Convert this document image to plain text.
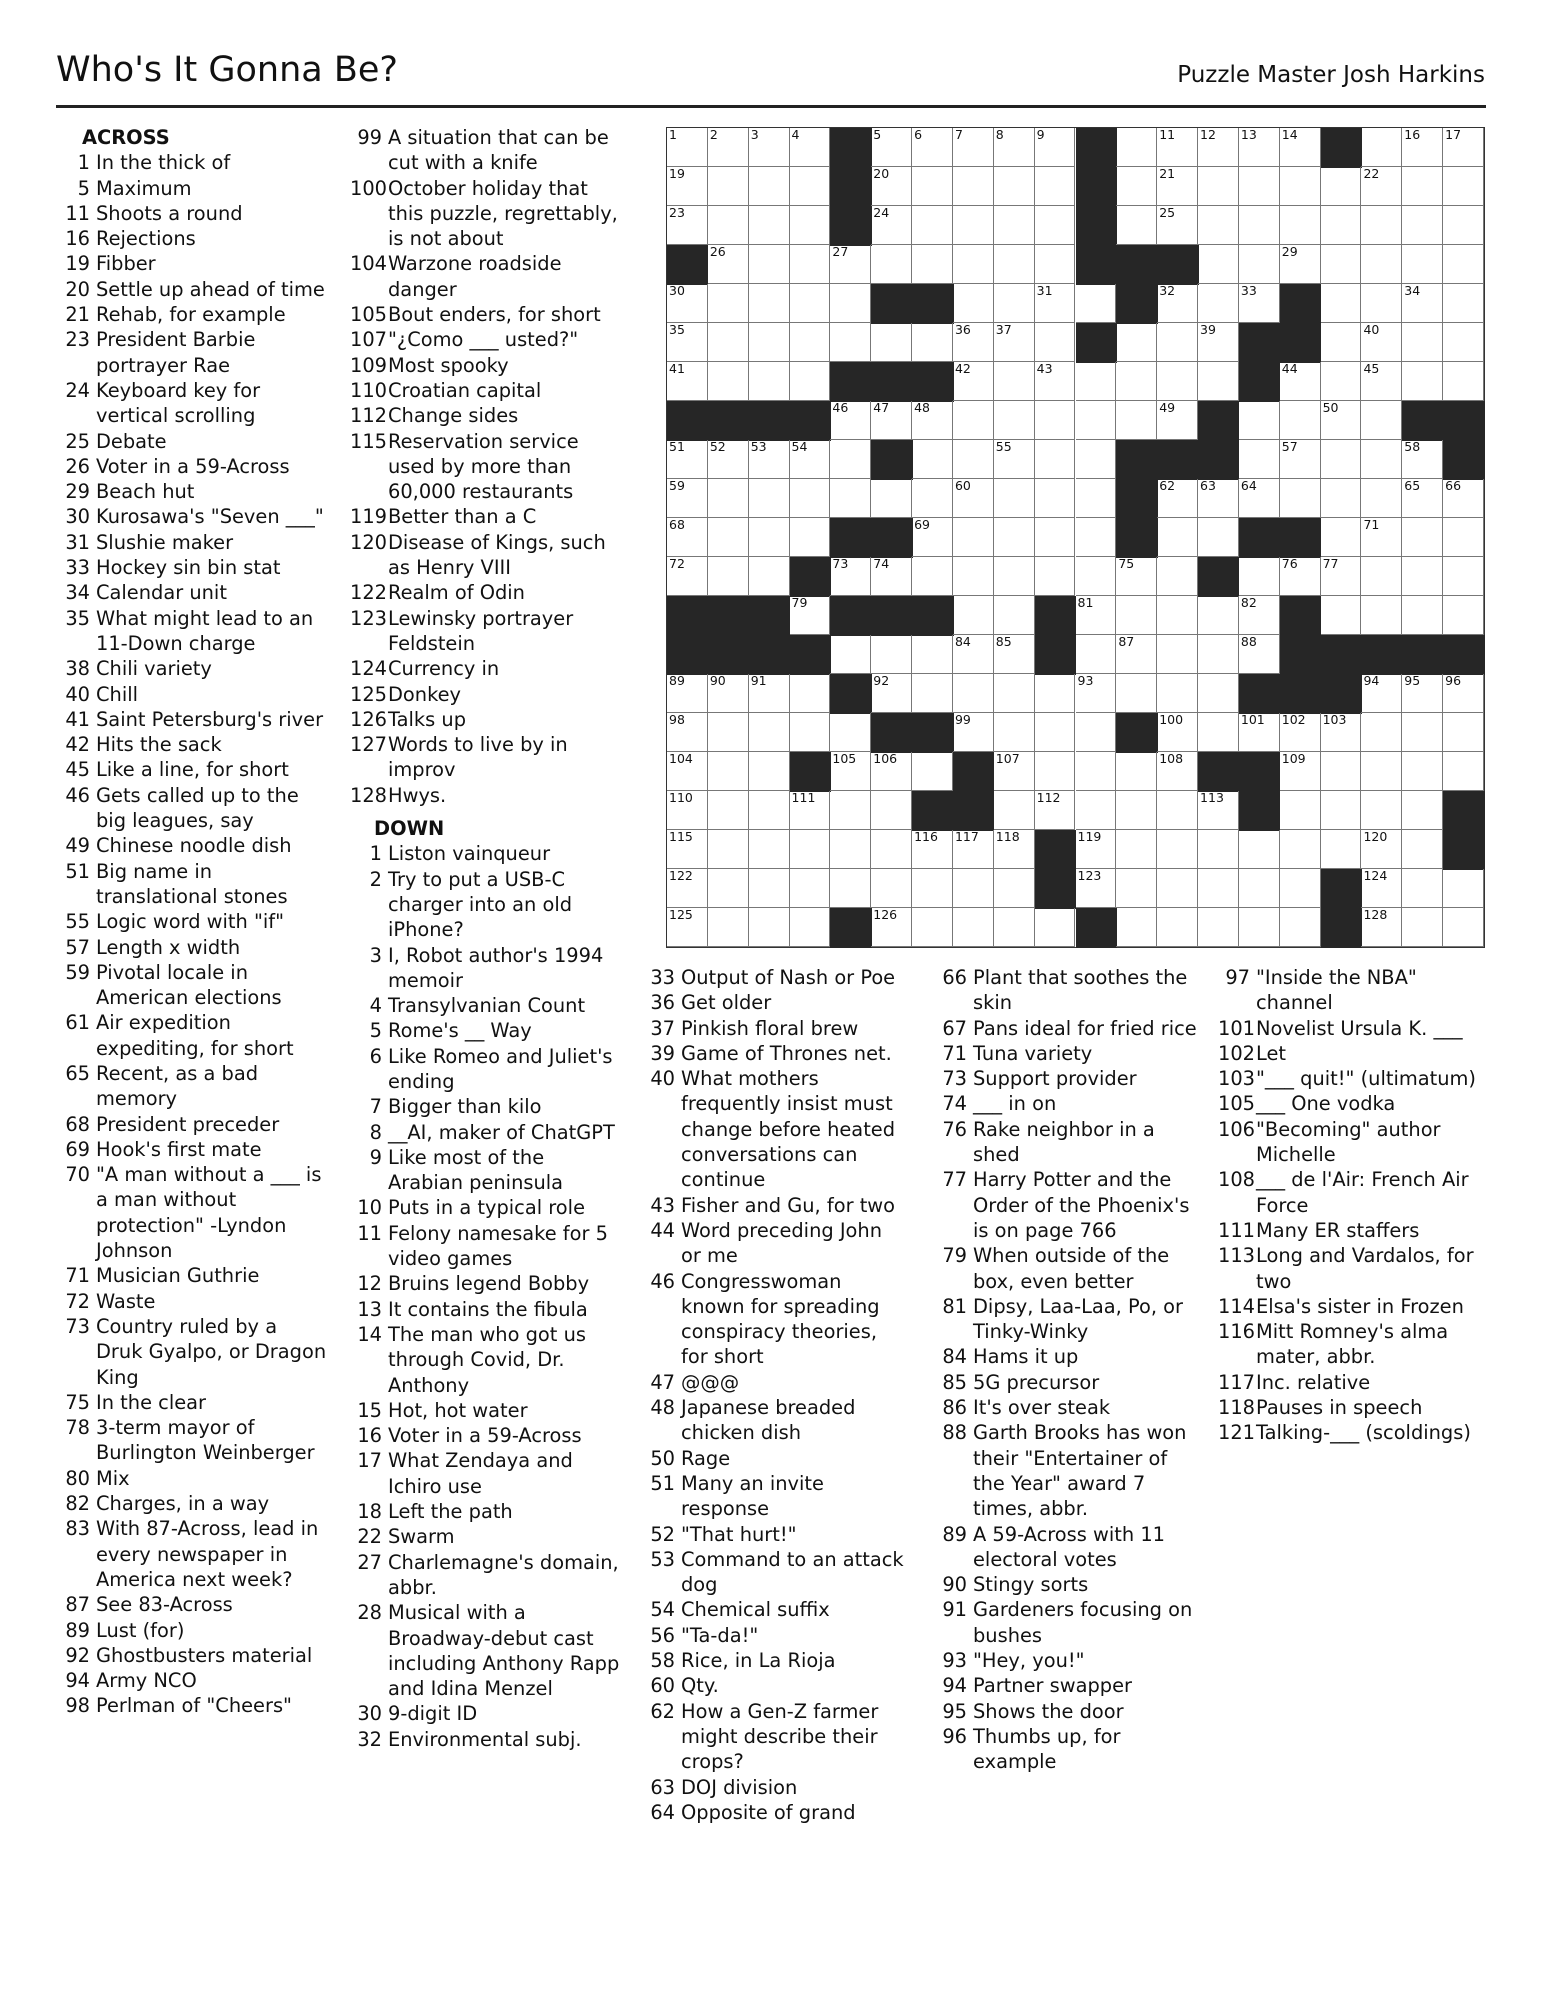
Who's It Gonna Be?	Puzzle Master Josh Harkins
ACROSS
1 In the thick of
5 Maximum
11 Shoots a round
16 Rejections
19 Fibber
20 Settle up ahead of time
21 Rehab, for example
23 President Barbie portrayer Rae
24 Keyboard key for vertical scrolling
25 Debate
26 Voter in a 59-Across
29 Beach hut
30 Kurosawa's "Seven ___"
31 Slushie maker
33 Hockey sin bin stat
34 Calendar unit
35 What might lead to an 11-Down charge
38 Chili variety
40 Chill
41 Saint Petersburg's river
42 Hits the sack
45 Like a line, for short
46 Gets called up to the big leagues, say
49 Chinese noodle dish
51 Big name in translational stones
55 Logic word with "if"
57 Length x width
59 Pivotal locale in American elections
61 Air expedition expediting, for short
65 Recent, as a bad memory
68 President preceder
69 Hook's first mate
70 "A man without a ___ is a man without protection" -Lyndon Johnson
71 Musician Guthrie
72 Waste
73 Country ruled by a Druk Gyalpo, or Dragon King
75 In the clear
78 3-term mayor of Burlington Weinberger
80 Mix
82 Charges, in a way
83 With 87-Across, lead in every newspaper in America next week?
87 See 83-Across
89 Lust (for)
92 Ghostbusters material
94 Army NCO
98 Perlman of "Cheers"
99 A situation that can be cut with a knife
100 October holiday that this puzzle, regrettably, is not about
104 Warzone roadside danger
105 Bout enders, for short
107 "¿Como ___ usted?"
109 Most spooky
110 Croatian capital
112 Change sides
115 Reservation service used by more than 60,000 restaurants
119 Better than a C
120 Disease of Kings, such as Henry VIII
122 Realm of Odin
123 Lewinsky portrayer Feldstein
124 Currency in
125 Donkey
126 Talks up
127 Words to live by in improv
128 Hwys.
DOWN
1 Liston vainqueur
2 Try to put a USB-C charger into an old iPhone?
3 I, Robot author's 1994 memoir
4 Transylvanian Count
5 Rome's __ Way
6 Like Romeo and Juliet's ending
7 Bigger than kilo
8 __AI, maker of ChatGPT
9 Like most of the Arabian peninsula
10 Puts in a typical role
11 Felony namesake for 5 video games
12 Bruins legend Bobby
13 It contains the fibula
14 The man who got us through Covid, Dr. Anthony
15 Hot, hot water
16 Voter in a 59-Across
17 What Zendaya and Ichiro use
18 Left the path
22 Swarm
27 Charlemagne's domain, abbr.
28 Musical with a Broadway-debut cast including Anthony Rapp and Idina Menzel
30 9-digit ID
32 Environmental subj.
33 Output of Nash or Poe
36 Get older
37 Pinkish floral brew
39 Game of Thrones net.
40 What mothers frequently insist must change before heated conversations can continue
43 Fisher and Gu, for two
44 Word preceding John or me
46 Congresswoman known for spreading conspiracy theories, for short
47 @@@
48 Japanese breaded chicken dish
50 Rage
51 Many an invite response
52 "That hurt!"
53 Command to an attack dog
54 Chemical suffix
56 "Ta-da!"
58 Rice, in La Rioja
60 Qty.
62 How a Gen-Z farmer might describe their crops?
63 DOJ division
64 Opposite of grand
66 Plant that soothes the skin
67 Pans ideal for fried rice
71 Tuna variety
73 Support provider
74 ___ in on
76 Rake neighbor in a shed
77 Harry Potter and the Order of the Phoenix's is on page 766
79 When outside of the box, even better
81 Dipsy, Laa-Laa, Po, or Tinky-Winky
84 Hams it up
85 5G precursor
86 It's over steak
88 Garth Brooks has won their "Entertainer of the Year" award 7 times, abbr.
89 A 59-Across with 11 electoral votes
90 Stingy sorts
91 Gardeners focusing on bushes
93 "Hey, you!"
94 Partner swapper
95 Shows the door
96 Thumbs up, for example
97 "Inside the NBA" channel
101 Novelist Ursula K. ___
102 Let
103 "___ quit!" (ultimatum)
105 ___ One vodka
106 "Becoming" author Michelle
108 ___ de l'Air: French Air Force
111 Many ER staffers
113 Long and Vardalos, for two
114 Elsa's sister in Frozen
116 Mitt Romney's alma mater, abbr.
117 Inc. relative
118 Pauses in speech
121 Talking-___ (scoldings)
1	2	3	4	5	6	7	8	9	11 12 13 14	16 17
19	20	21	22
23	24	25
26	27	29
30	31	32	33	34
35	36 37	39	40
41	42	43	44	45
46 47 48	49	50
51 52 53 54	55	57	58
59	60	62 63 64	65 66
68	69	71
72	73 74	75	76 77
79	81	82
84 85	87	88
89 90 91	92	93	94 95 96
98	99	100	101 102 103
104	105 106	107	108	109
110	111	112	113
115	116 117 118	119	120
122	123	124
125	126	128
